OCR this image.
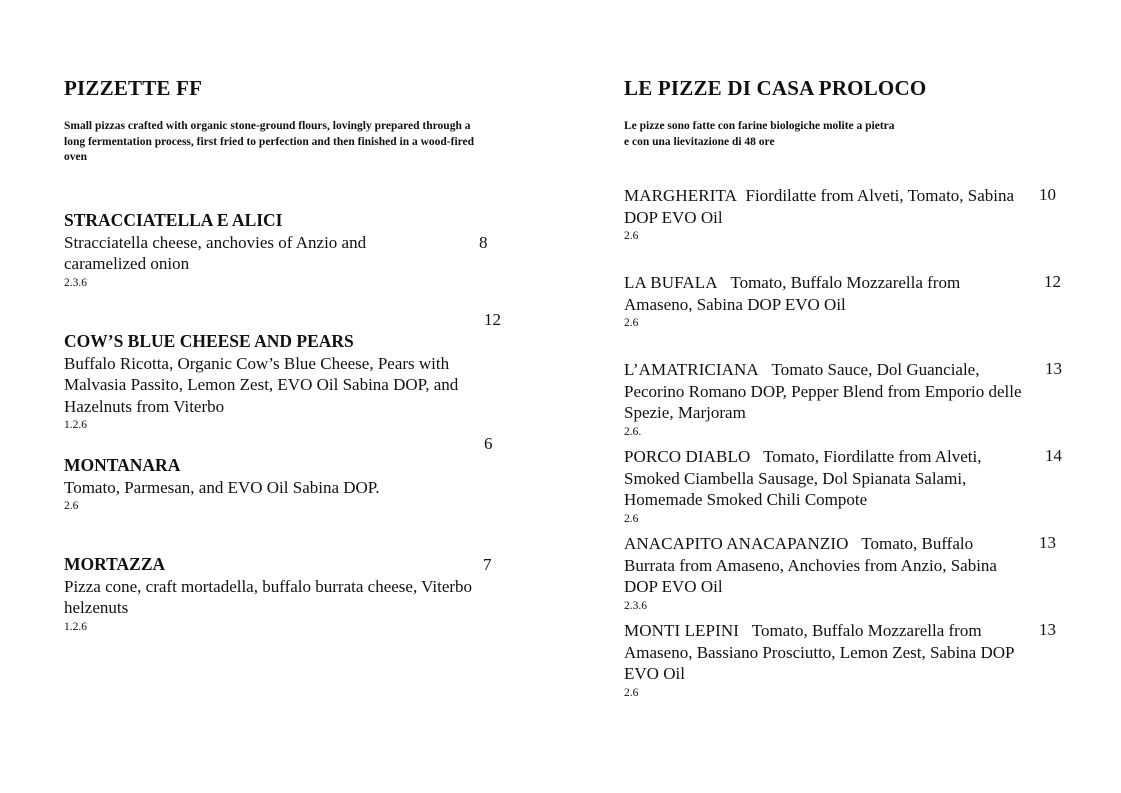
PIZZETTE FF
Small pizzas crafted with organic stone-ground flours, lovingly prepared through a long fermentation process, first fried to perfection and then finished in a wood-fired oven
STRACCIATELLA E ALICI
Stracciatella cheese, anchovies of Anzio and caramelized onion
2.3.6
8
12
COW’S BLUE CHEESE AND PEARS
Buffalo Ricotta, Organic Cow’s Blue Cheese, Pears with Malvasia Passito, Lemon Zest, EVO Oil Sabina DOP, and Hazelnuts from Viterbo
1.2.6
6
MONTANARA
Tomato, Parmesan, and EVO Oil Sabina DOP.
2.6
MORTAZZA
Pizza cone, craft mortadella, buffalo burrata cheese, Viterbo helzenuts
1.2.6
7
LE PIZZE DI CASA PROLOCO
Le pizze sono fatte con farine biologiche molite a pietra
e con una lievitazione di 48 ore
MARGHERITA Fiordilatte from Alveti, Tomato, Sabina DOP EVO Oil
2.6
10
LA BUFALA Tomato, Buffalo Mozzarella from Amaseno, Sabina DOP EVO Oil
2.6
12
L’AMATRICIANA Tomato Sauce, Dol Guanciale, Pecorino Romano DOP, Pepper Blend from Emporio delle Spezie, Marjoram
2.6.
13
PORCO DIABLO Tomato, Fiordilatte from Alveti, Smoked Ciambella Sausage, Dol Spianata Salami, Homemade Smoked Chili Compote
2.6
14
ANACAPITO ANACAPANZIO Tomato, Buffalo Burrata from Amaseno, Anchovies from Anzio, Sabina DOP EVO Oil
2.3.6
13
MONTI LEPINI Tomato, Buffalo Mozzarella from Amaseno, Bassiano Prosciutto, Lemon Zest, Sabina DOP EVO Oil
2.6
13
